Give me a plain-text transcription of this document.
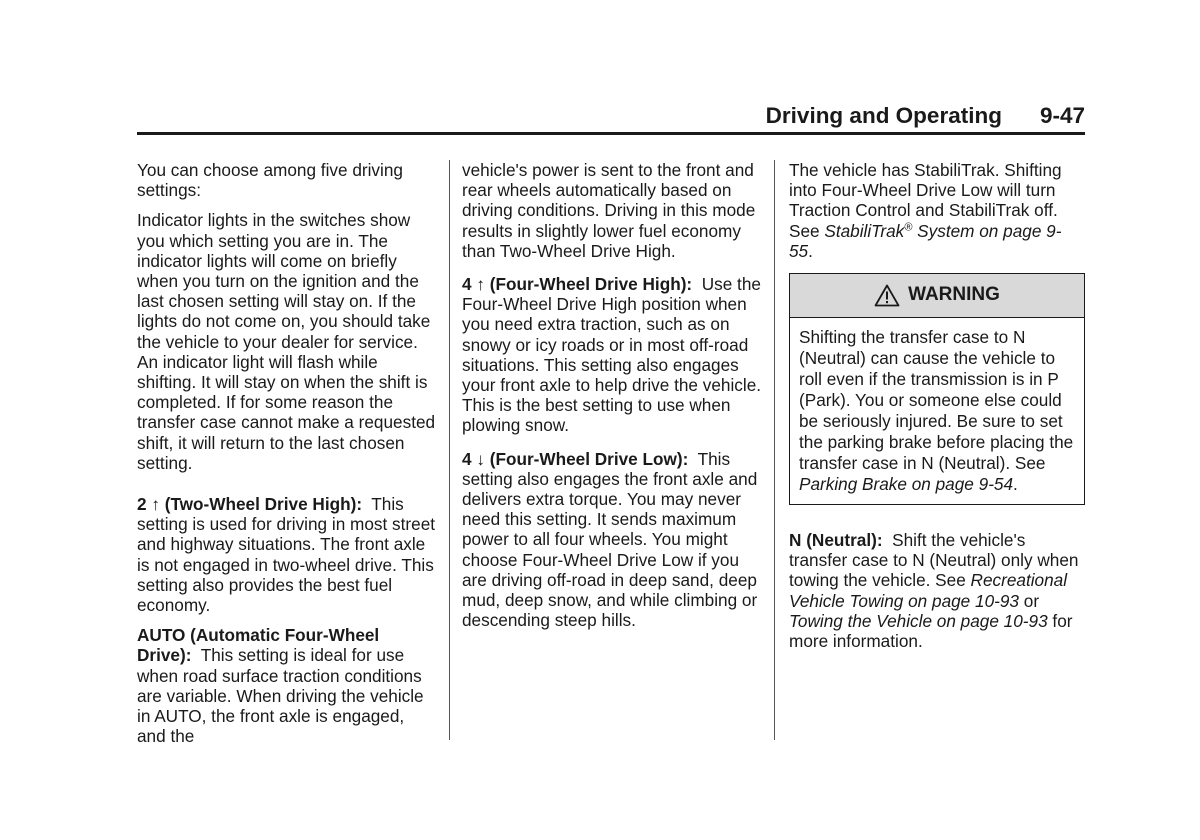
Driving and Operating 9-47

You can choose among five driving settings:

Indicator lights in the switches show you which setting you are in. The indicator lights will come on briefly when you turn on the ignition and the last chosen setting will stay on. If the lights do not come on, you should take the vehicle to your dealer for service. An indicator light will flash while shifting. It will stay on when the shift is completed. If for some reason the transfer case cannot make a requested shift, it will return to the last chosen setting.

2 ↑ (Two-Wheel Drive High): This setting is used for driving in most street and highway situations. The front axle is not engaged in two-wheel drive. This setting also provides the best fuel economy.

AUTO (Automatic Four-Wheel Drive): This setting is ideal for use when road surface traction conditions are variable. When driving the vehicle in AUTO, the front axle is engaged, and the

vehicle's power is sent to the front and rear wheels automatically based on driving conditions. Driving in this mode results in slightly lower fuel economy than Two-Wheel Drive High.

4 ↑ (Four-Wheel Drive High): Use the Four-Wheel Drive High position when you need extra traction, such as on snowy or icy roads or in most off-road situations. This setting also engages your front axle to help drive the vehicle. This is the best setting to use when plowing snow.

4 ↓ (Four-Wheel Drive Low): This setting also engages the front axle and delivers extra torque. You may never need this setting. It sends maximum power to all four wheels. You might choose Four-Wheel Drive Low if you are driving off-road in deep sand, deep mud, deep snow, and while climbing or descending steep hills.

The vehicle has StabiliTrak. Shifting into Four-Wheel Drive Low will turn Traction Control and StabiliTrak off. See StabiliTrak® System on page 9-55.

WARNING
Shifting the transfer case to N (Neutral) can cause the vehicle to roll even if the transmission is in P (Park). You or someone else could be seriously injured. Be sure to set the parking brake before placing the transfer case in N (Neutral). See Parking Brake on page 9-54.

N (Neutral): Shift the vehicle's transfer case to N (Neutral) only when towing the vehicle. See Recreational Vehicle Towing on page 10-93 or Towing the Vehicle on page 10-93 for more information.
